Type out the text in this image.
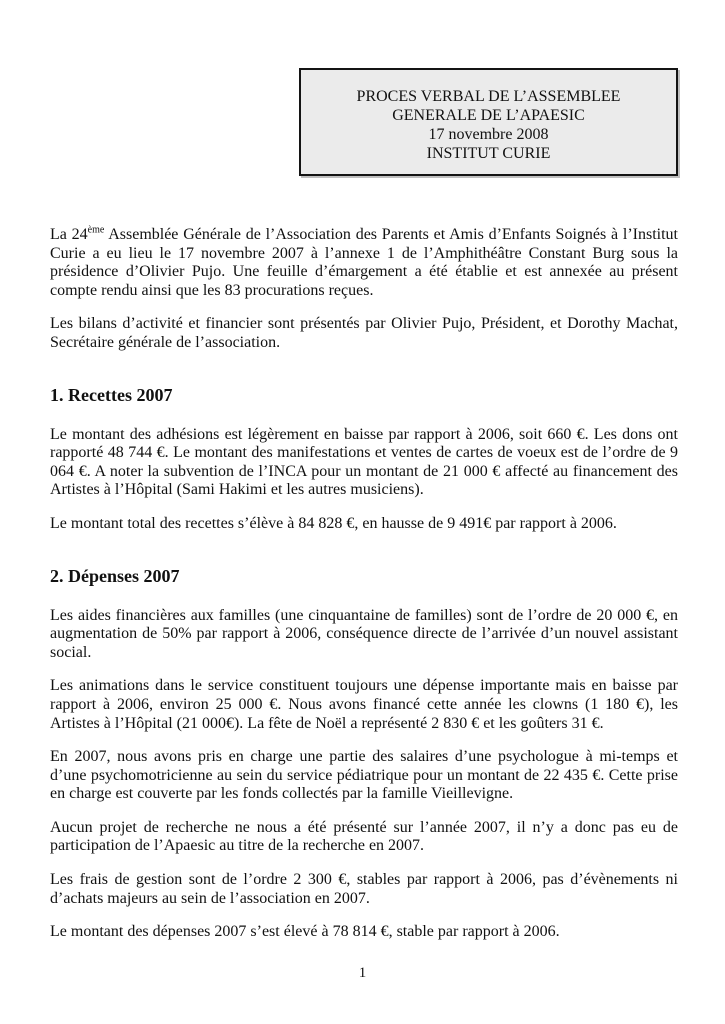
PROCES VERBAL DE L’ASSEMBLEE GENERALE DE L’APAESIC
17 novembre 2008
INSTITUT CURIE

La 24ème Assemblée Générale de l’Association des Parents et Amis d’Enfants Soignés à l’Institut Curie a eu lieu le 17 novembre 2007 à l’annexe 1 de l’Amphithéâtre Constant Burg sous la présidence d’Olivier Pujo. Une feuille d’émargement a été établie et est annexée au présent compte rendu ainsi que les 83 procurations reçues.

Les bilans d’activité et financier sont présentés par Olivier Pujo, Président, et Dorothy Machat, Secrétaire générale de l’association.

1. Recettes 2007

Le montant des adhésions est légèrement en baisse par rapport à 2006, soit 660 €. Les dons ont rapporté 48 744 €. Le montant des manifestations et ventes de cartes de voeux est de l’ordre de 9 064 €. A noter la subvention de l’INCA pour un montant de 21 000 € affecté au financement des Artistes à l’Hôpital (Sami Hakimi et les autres musiciens).

Le montant total des recettes s’élève à 84 828 €, en hausse de 9 491€ par rapport à 2006.

2. Dépenses 2007

Les aides financières aux familles (une cinquantaine de familles) sont de l’ordre de 20 000 €, en augmentation de 50% par rapport à 2006, conséquence directe de l’arrivée d’un nouvel assistant social.

Les animations dans le service constituent toujours une dépense importante mais en baisse par rapport à 2006, environ 25 000 €. Nous avons financé cette année les clowns (1 180 €), les Artistes à l’Hôpital (21 000€). La fête de Noël a représenté 2 830 € et les goûters 31 €.

En 2007, nous avons pris en charge une partie des salaires d’une psychologue à mi-temps et d’une psychomotricienne au sein du service pédiatrique pour un montant de 22 435 €. Cette prise en charge est couverte par les fonds collectés par la famille Vieillevigne.

Aucun projet de recherche ne nous a été présenté sur l’année 2007, il n’y a donc pas eu de participation de l’Apaesic au titre de la recherche en 2007.

Les frais de gestion sont de l’ordre 2 300 €, stables par rapport à 2006, pas d’évènements ni d’achats majeurs au sein de l’association en 2007.

Le montant des dépenses 2007 s’est élevé à 78 814 €, stable par rapport à 2006.

1
